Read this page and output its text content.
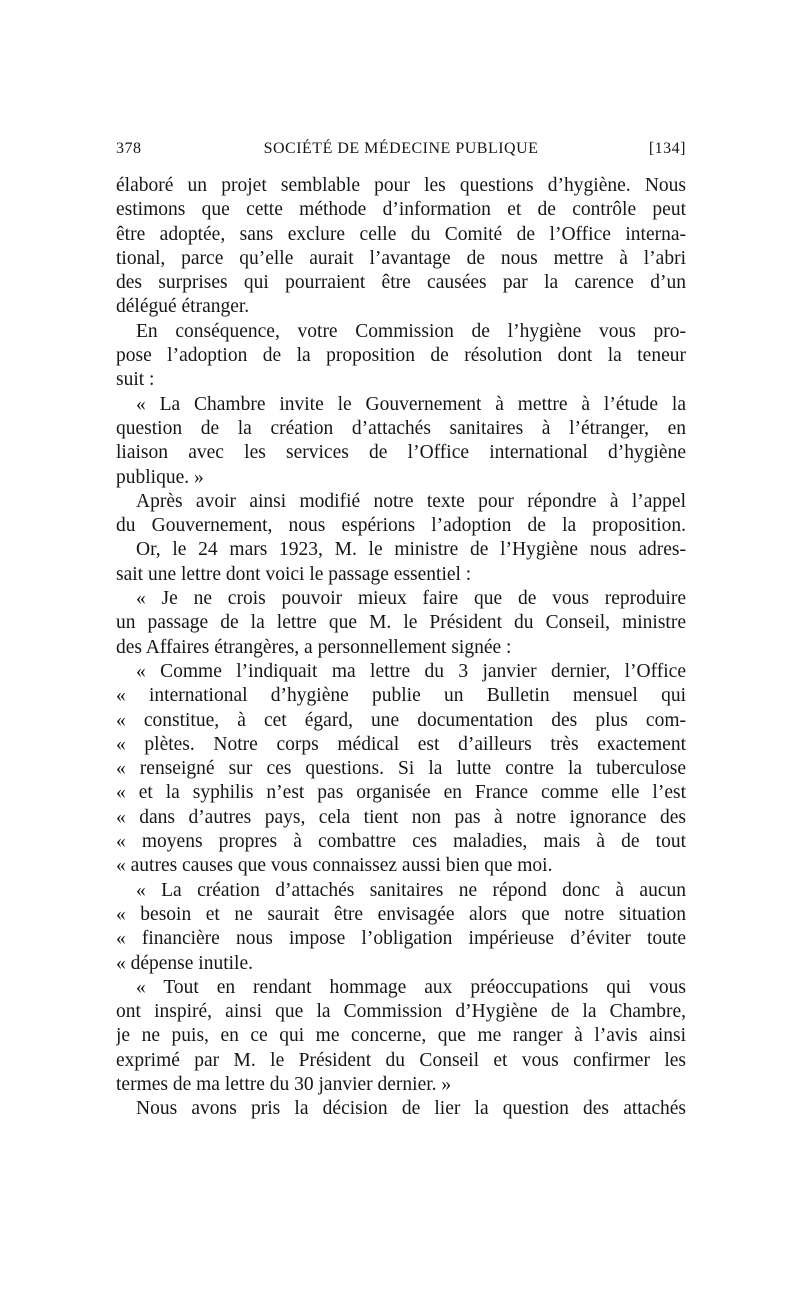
378	SOCIÉTÉ DE MÉDECINE PUBLIQUE	[134]
élaboré un projet semblable pour les questions d’hygiène. Nous
estimons que cette méthode d’information et de contrôle peut
être adoptée, sans exclure celle du Comité de l’Office interna-
tional, parce qu’elle aurait l’avantage de nous mettre à l’abri
des surprises qui pourraient être causées par la carence d’un
délégué étranger.
En conséquence, votre Commission de l’hygiène vous pro-
pose l’adoption de la proposition de résolution dont la teneur
suit :
« La Chambre invite le Gouvernement à mettre à l’étude la
question de la création d’attachés sanitaires à l’étranger, en
liaison avec les services de l’Office international d’hygiène
publique. »
Après avoir ainsi modifié notre texte pour répondre à l’appel
du Gouvernement, nous espérions l’adoption de la proposition.
Or, le 24 mars 1923, M. le ministre de l’Hygiène nous adres-
sait une lettre dont voici le passage essentiel :
« Je ne crois pouvoir mieux faire que de vous reproduire
un passage de la lettre que M. le Président du Conseil, ministre
des Affaires étrangères, a personnellement signée :
« Comme l’indiquait ma lettre du 3 janvier dernier, l’Office
« international d’hygiène publie un Bulletin mensuel qui
« constitue, à cet égard, une documentation des plus com-
« plètes. Notre corps médical est d’ailleurs très exactement
« renseigné sur ces questions. Si la lutte contre la tuberculose
« et la syphilis n’est pas organisée en France comme elle l’est
« dans d’autres pays, cela tient non pas à notre ignorance des
« moyens propres à combattre ces maladies, mais à de tout
« autres causes que vous connaissez aussi bien que moi.
« La création d’attachés sanitaires ne répond donc à aucun
« besoin et ne saurait être envisagée alors que notre situation
« financière nous impose l’obligation impérieuse d’éviter toute
« dépense inutile.
« Tout en rendant hommage aux préoccupations qui vous
ont inspiré, ainsi que la Commission d’Hygiène de la Chambre,
je ne puis, en ce qui me concerne, que me ranger à l’avis ainsi
exprimé par M. le Président du Conseil et vous confirmer les
termes de ma lettre du 30 janvier dernier. »
Nous avons pris la décision de lier la question des attachés
